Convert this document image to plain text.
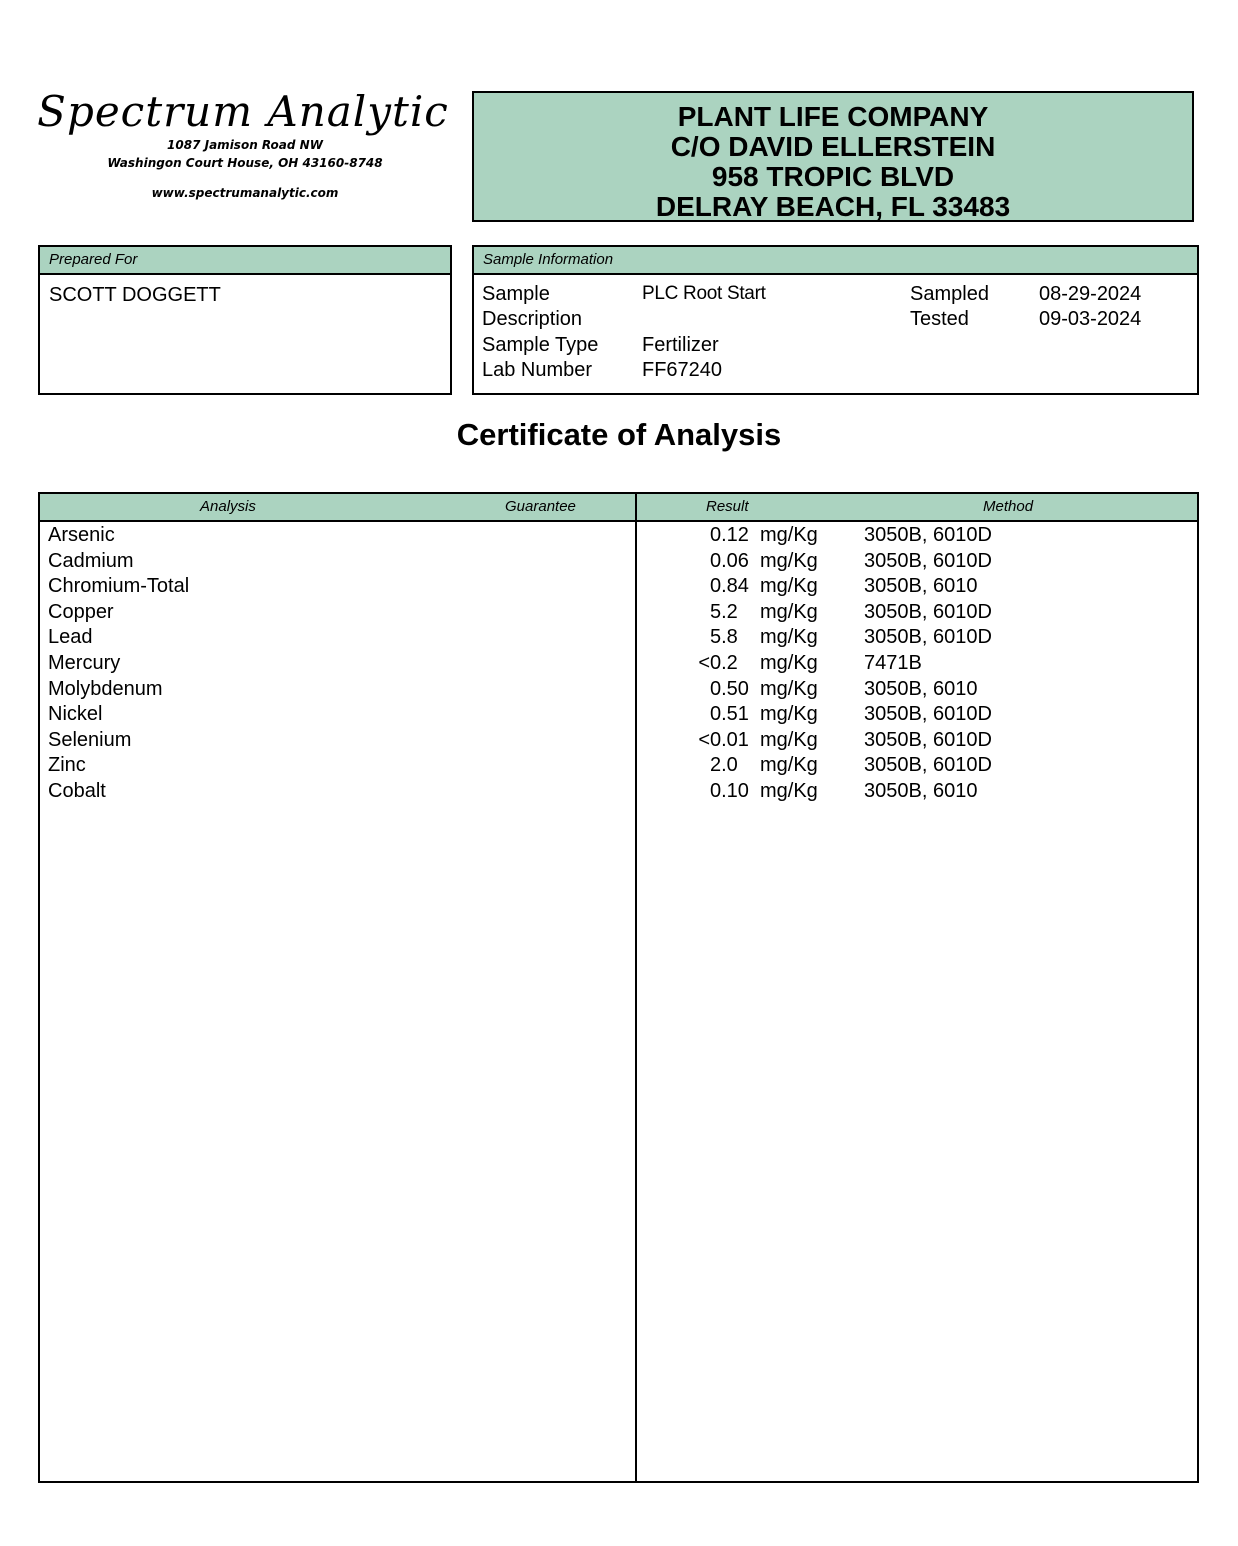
Spectrum Analytic
1087 Jamison Road NW
Washingon Court House, OH 43160-8748
www.spectrumanalytic.com
PLANT LIFE COMPANY
C/O DAVID ELLERSTEIN
958 TROPIC BLVD
DELRAY BEACH, FL 33483
Prepared For
SCOTT DOGGETT
Sample Information
Sample	PLC Root Start	Sampled	08-29-2024
Description	Tested	09-03-2024
Sample Type Fertilizer
Lab Number FF67240
Certificate of Analysis
Analysis	Guarantee	Result	Method
Arsenic	0.12 mg/Kg 3050B, 6010D
Cadmium	0.06 mg/Kg 3050B, 6010D
Chromium-Total	0.84 mg/Kg 3050B, 6010
Copper	5.2 mg/Kg 3050B, 6010D
Lead	5.8 mg/Kg 3050B, 6010D
Mercury	< 0.2 mg/Kg 7471B
Molybdenum	0.50 mg/Kg 3050B, 6010
Nickel	0.51 mg/Kg 3050B, 6010D
Selenium	< 0.01 mg/Kg 3050B, 6010D
Zinc	2.0 mg/Kg 3050B, 6010D
Cobalt	0.10 mg/Kg 3050B, 6010
